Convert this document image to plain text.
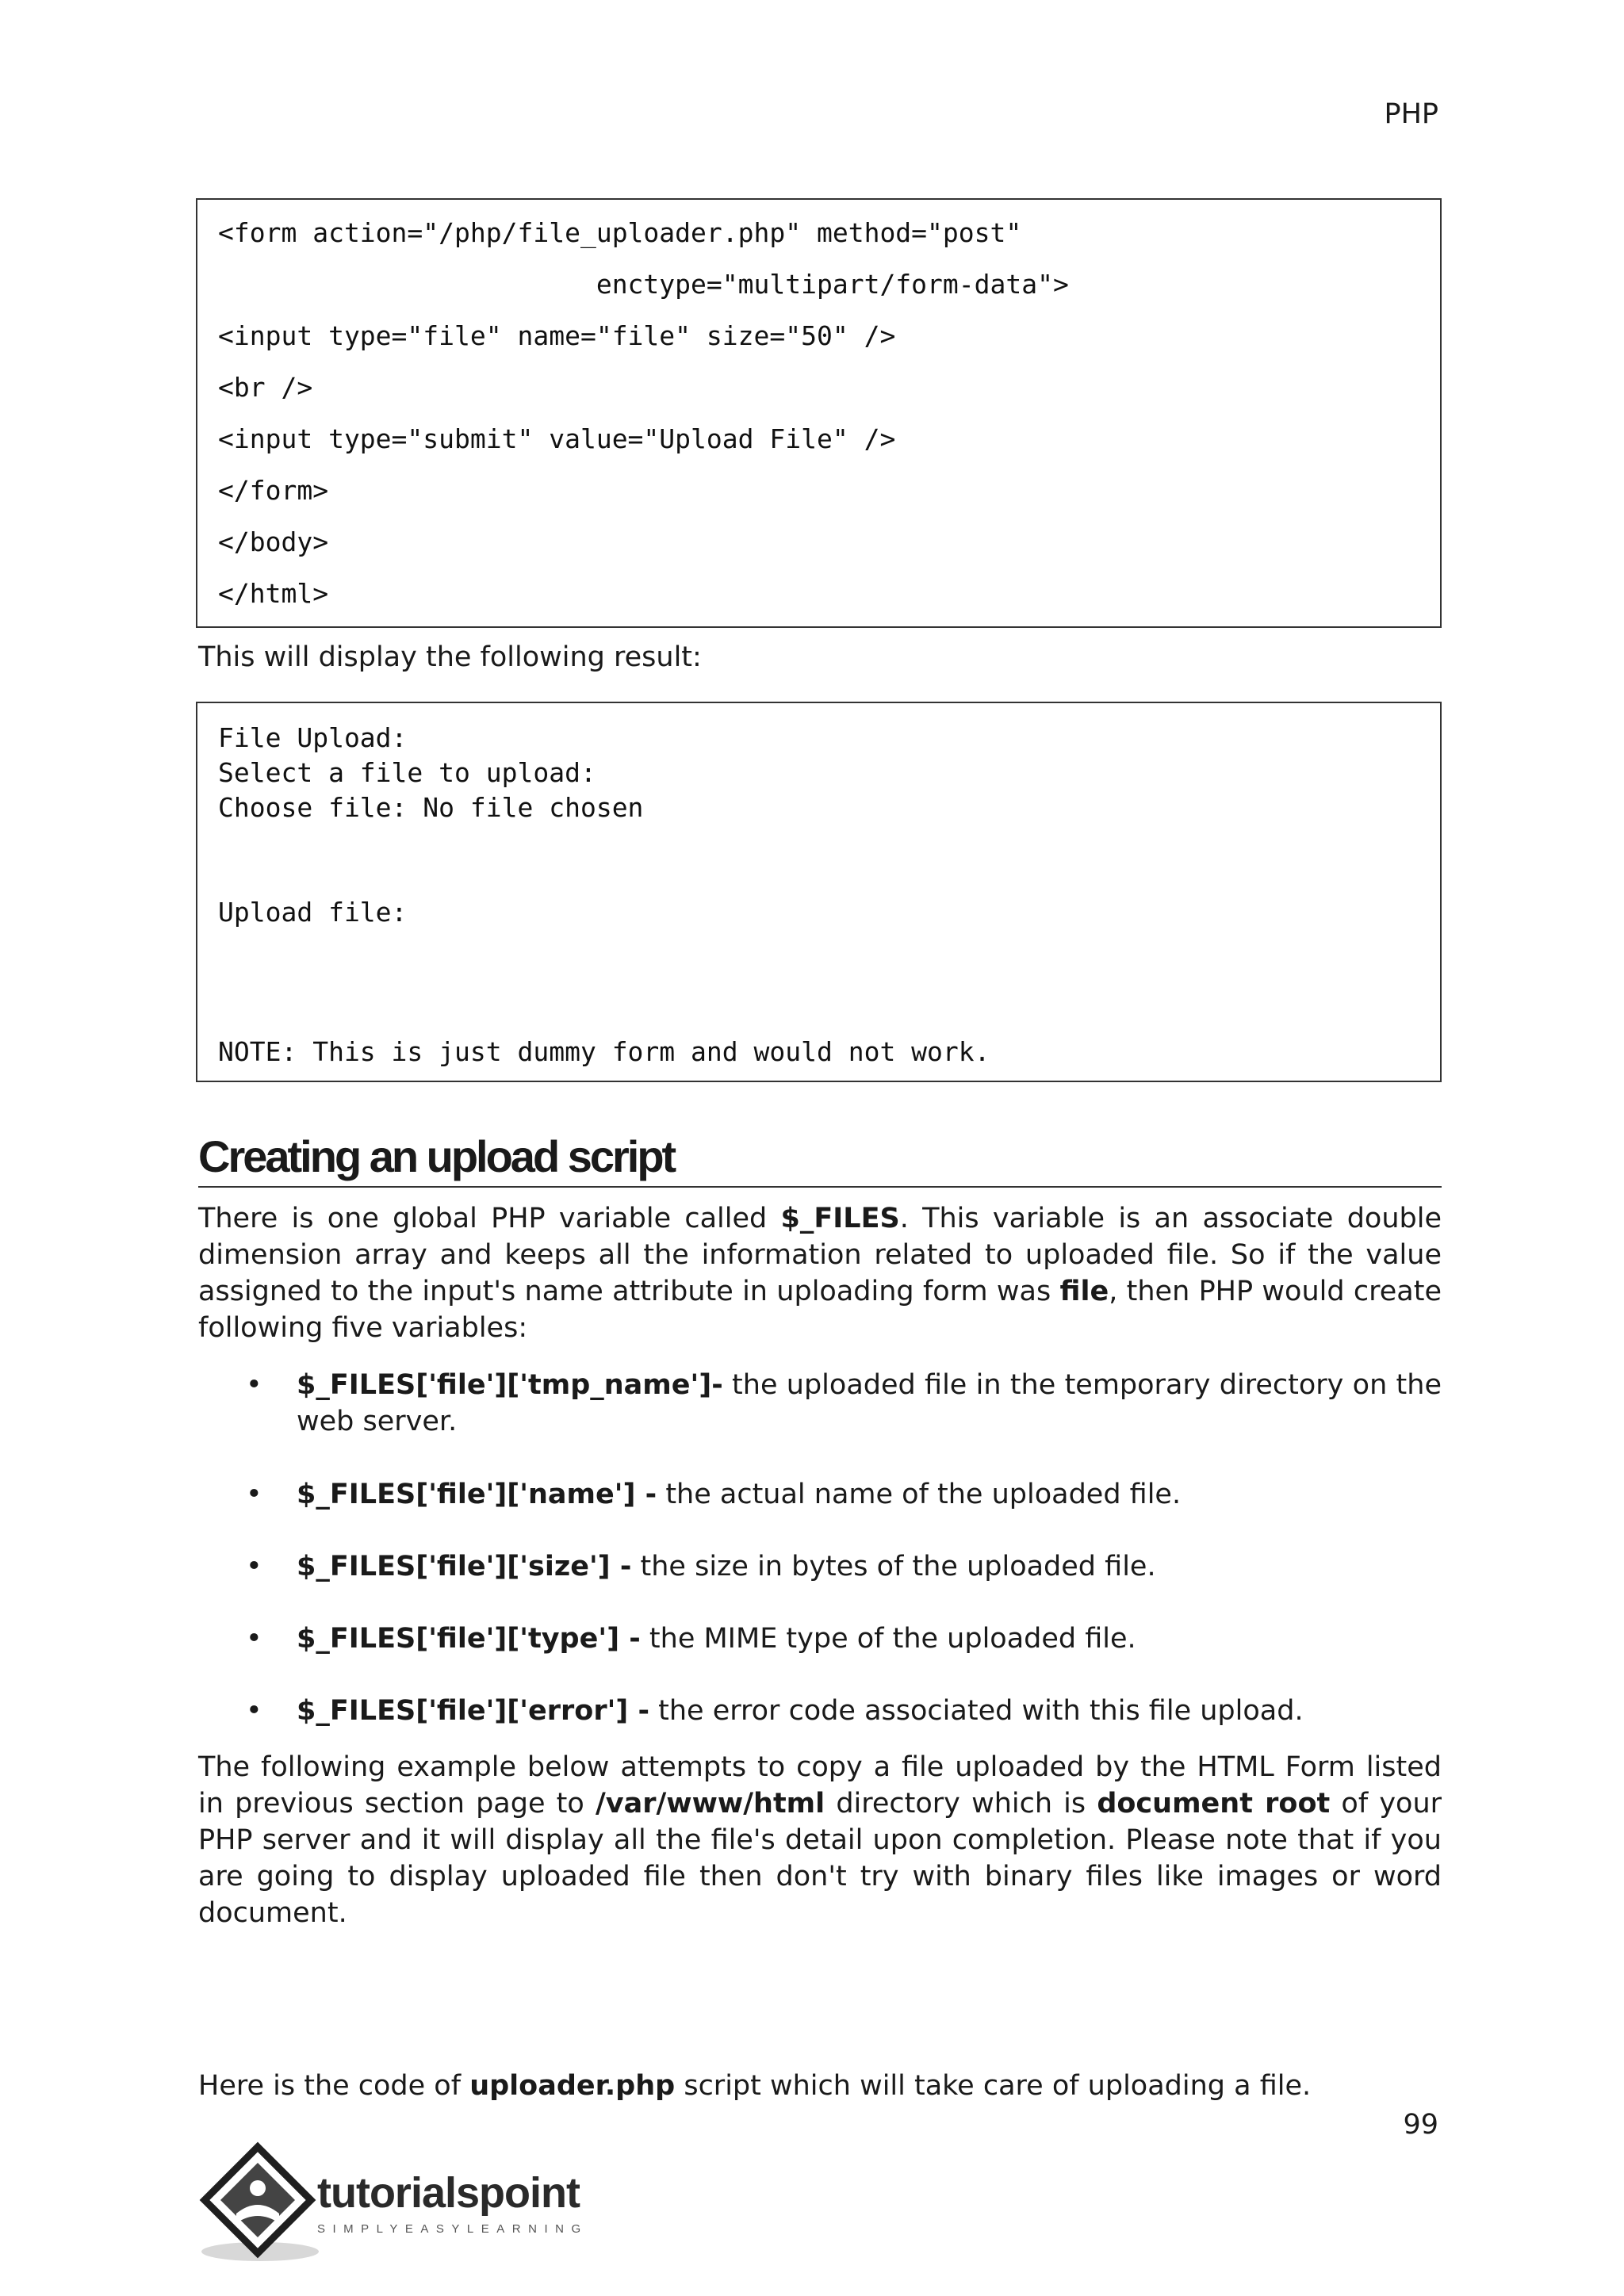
PHP
<form action="/php/file_uploader.php" method="post"
enctype="multipart/form-data">
<input type="file" name="file" size="50" />
<br />
<input type="submit" value="Upload File" />
</form>
</body>
</html>
This will display the following result:
File Upload:
Select a file to upload:
Choose file: No file chosen
Upload file:
NOTE: This is just dummy form and would not work.
Creating an upload script
There is one global PHP variable called $_FILES. This variable is an associate double dimension array and keeps all the information related to uploaded file. So if the value assigned to the input's name attribute in uploading form was file, then PHP would create following five variables:
• $_FILES['file']['tmp_name']- the uploaded file in the temporary directory on the web server.
• $_FILES['file']['name'] - the actual name of the uploaded file.
• $_FILES['file']['size'] - the size in bytes of the uploaded file.
• $_FILES['file']['type'] - the MIME type of the uploaded file.
• $_FILES['file']['error'] - the error code associated with this file upload.
The following example below attempts to copy a file uploaded by the HTML Form listed in previous section page to /var/www/html directory which is document root of your PHP server and it will display all the file's detail upon completion. Please note that if you are going to display uploaded file then don't try with binary files like images or word document.
Here is the code of uploader.php script which will take care of uploading a file.
99
tutorialspoint
SIMPLYEASYLEARNING
